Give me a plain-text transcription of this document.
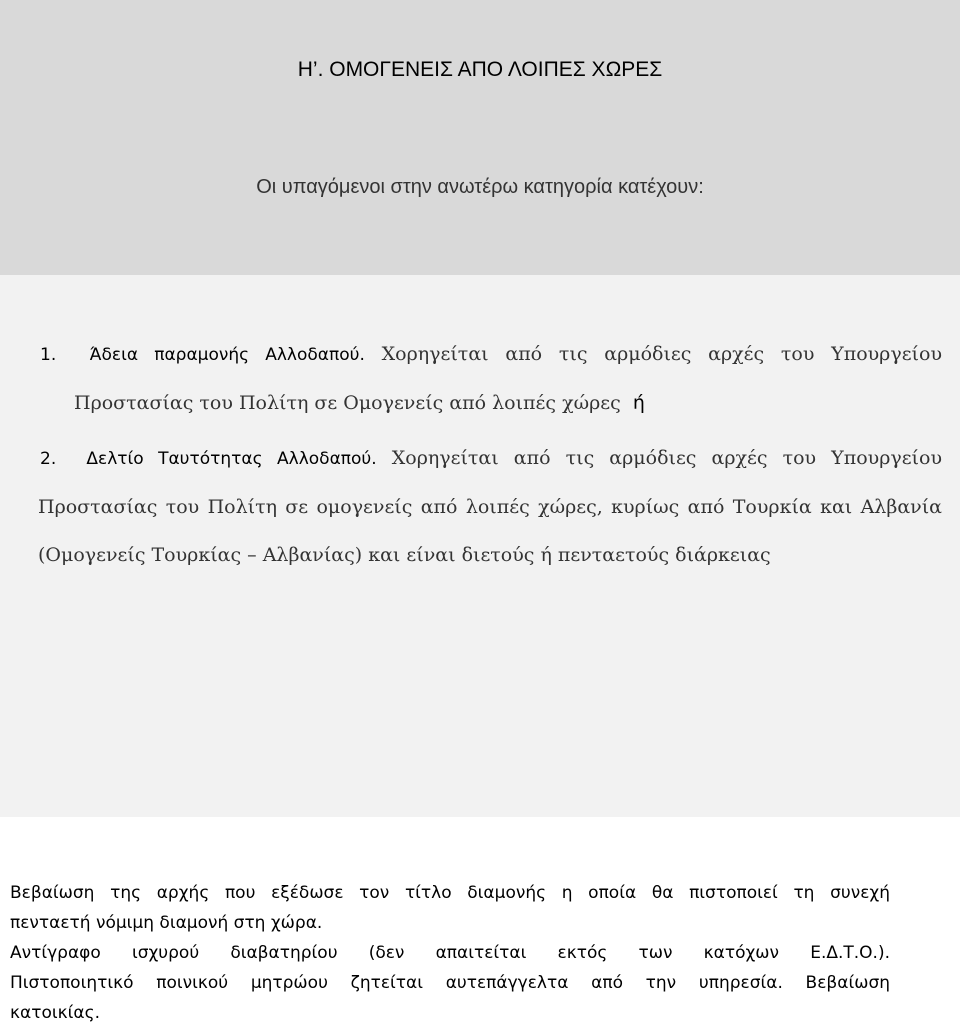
Η’. ΟΜΟΓΕΝΕΙΣ ΑΠΟ ΛΟΙΠΕΣ ΧΩΡΕΣ
Οι υπαγόμενοι στην ανωτέρω κατηγορία κατέχουν:
1. Άδεια παραμονής Αλλοδαπού. Χορηγείται από τις αρμόδιες αρχές του Υπουργείου
Προστασίας του Πολίτη σε Ομογενείς από λοιπές χώρες ή
2. Δελτίο Ταυτότητας Αλλοδαπού. Χορηγείται από τις αρμόδιες αρχές του Υπουργείου
Προστασίας του Πολίτη σε ομογενείς από λοιπές χώρες, κυρίως από Τουρκία και Αλβανία
(Ομογενείς Τουρκίας – Αλβανίας) και είναι διετούς ή πενταετούς διάρκειας
Βεβαίωση της αρχής που εξέδωσε τον τίτλο διαμονής η οποία θα πιστοποιεί τη συνεχή
πενταετή νόμιμη διαμονή στη χώρα.
Αντίγραφο ισχυρού διαβατηρίου (δεν απαιτείται εκτός των κατόχων Ε.Δ.Τ.Ο.).
Πιστοποιητικό ποινικού μητρώου ζητείται αυτεπάγγελτα από την υπηρεσία. Βεβαίωση
κατοικίας.
